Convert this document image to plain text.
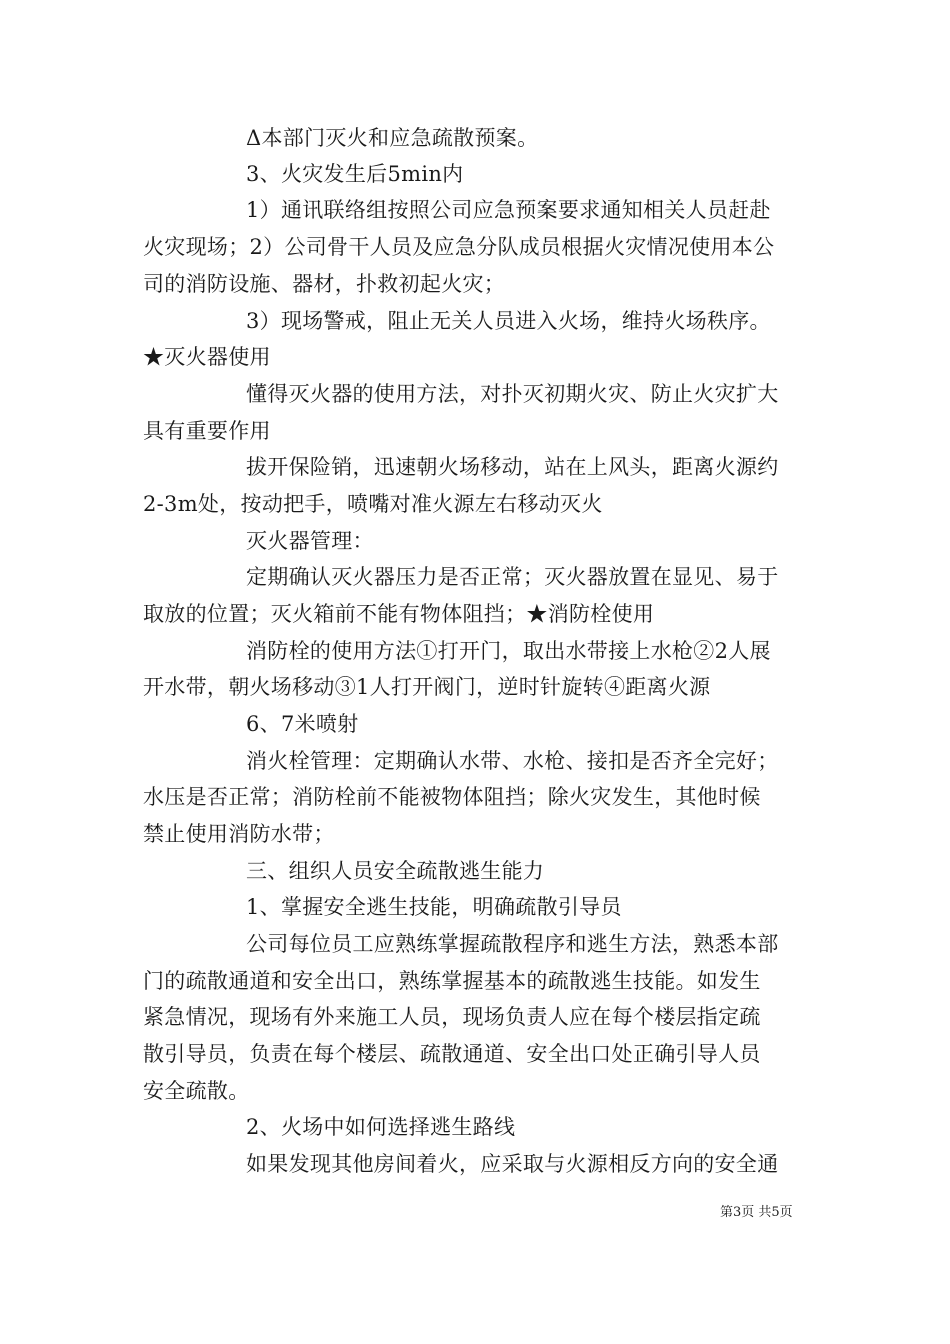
Δ本部门灭火和应急疏散预案。
3、火灾发生后5min内
1）通讯联络组按照公司应急预案要求通知相关人员赶赴
火灾现场；2）公司骨干人员及应急分队成员根据火灾情况使用本公
司的消防设施、器材，扑救初起火灾；
3）现场警戒，阻止无关人员进入火场，维持火场秩序。
★灭火器使用
懂得灭火器的使用方法，对扑灭初期火灾、防止火灾扩大
具有重要作用
拔开保险销，迅速朝火场移动，站在上风头，距离火源约
2-3m处，按动把手，喷嘴对准火源左右移动灭火
灭火器管理：
定期确认灭火器压力是否正常；灭火器放置在显见、易于
取放的位置；灭火箱前不能有物体阻挡；★消防栓使用
消防栓的使用方法①打开门，取出水带接上水枪②2人展
开水带，朝火场移动③1人打开阀门，逆时针旋转④距离火源
6、7米喷射
消火栓管理：定期确认水带、水枪、接扣是否齐全完好；
水压是否正常；消防栓前不能被物体阻挡；除火灾发生，其他时候
禁止使用消防水带；
三、组织人员安全疏散逃生能力
1、掌握安全逃生技能，明确疏散引导员
公司每位员工应熟练掌握疏散程序和逃生方法，熟悉本部
门的疏散通道和安全出口，熟练掌握基本的疏散逃生技能。如发生
紧急情况，现场有外来施工人员，现场负责人应在每个楼层指定疏
散引导员，负责在每个楼层、疏散通道、安全出口处正确引导人员
安全疏散。
2、火场中如何选择逃生路线
如果发现其他房间着火，应采取与火源相反方向的安全通
第3页 共5页
